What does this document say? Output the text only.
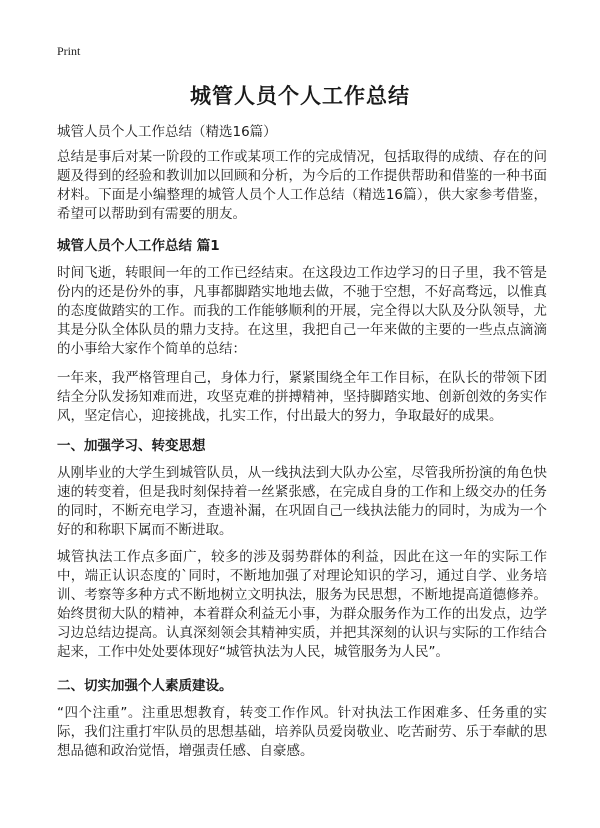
Print
城管人员个人工作总结

城管人员个人工作总结（精选16篇）

总结是事后对某一阶段的工作或某项工作的完成情况，包括取得的成绩、存在的问题及得到的经验和教训加以回顾和分析，为今后的工作提供帮助和借鉴的一种书面材料。下面是小编整理的城管人员个人工作总结（精选16篇），供大家参考借鉴，希望可以帮助到有需要的朋友。

城管人员个人工作总结 篇1

时间飞逝，转眼间一年的工作已经结束。在这段边工作边学习的日子里，我不管是份内的还是份外的事，凡事都脚踏实地地去做，不驰于空想，不好高骛远，以惟真的态度做踏实的工作。而我的工作能够顺利的开展，完全得以大队及分队领导，尤其是分队全体队员的鼎力支持。在这里，我把自己一年来做的主要的一些点点滴滴的小事给大家作个简单的总结：

一年来，我严格管理自己，身体力行，紧紧围绕全年工作目标，在队长的带领下团结全分队发扬知难而进，攻坚克难的拼搏精神，坚持脚踏实地、创新创效的务实作风，坚定信心，迎接挑战，扎实工作，付出最大的努力，争取最好的成果。

一、加强学习、转变思想

从刚毕业的大学生到城管队员，从一线执法到大队办公室，尽管我所扮演的角色快速的转变着，但是我时刻保持着一丝紧张感，在完成自身的工作和上级交办的任务的同时，不断充电学习，查遗补漏，在巩固自己一线执法能力的同时，为成为一个好的和称职下属而不断进取。

城管执法工作点多面广，较多的涉及弱势群体的利益，因此在这一年的实际工作中，端正认识态度的`同时，不断地加强了对理论知识的学习，通过自学、业务培训、考察等多种方式不断地树立文明执法，服务为民思想，不断地提高道德修养。始终贯彻大队的精神，本着群众利益无小事，为群众服务作为工作的出发点，边学习边总结边提高。认真深刻领会其精神实质，并把其深刻的认识与实际的工作结合起来，工作中处处要体现好“城管执法为人民，城管服务为人民”。

二、切实加强个人素质建设。

“四个注重”。注重思想教育，转变工作作风。针对执法工作困难多、任务重的实际，我们注重打牢队员的思想基础，培养队员爱岗敬业、吃苦耐劳、乐于奉献的思想品德和政治觉悟，增强责任感、自豪感。
